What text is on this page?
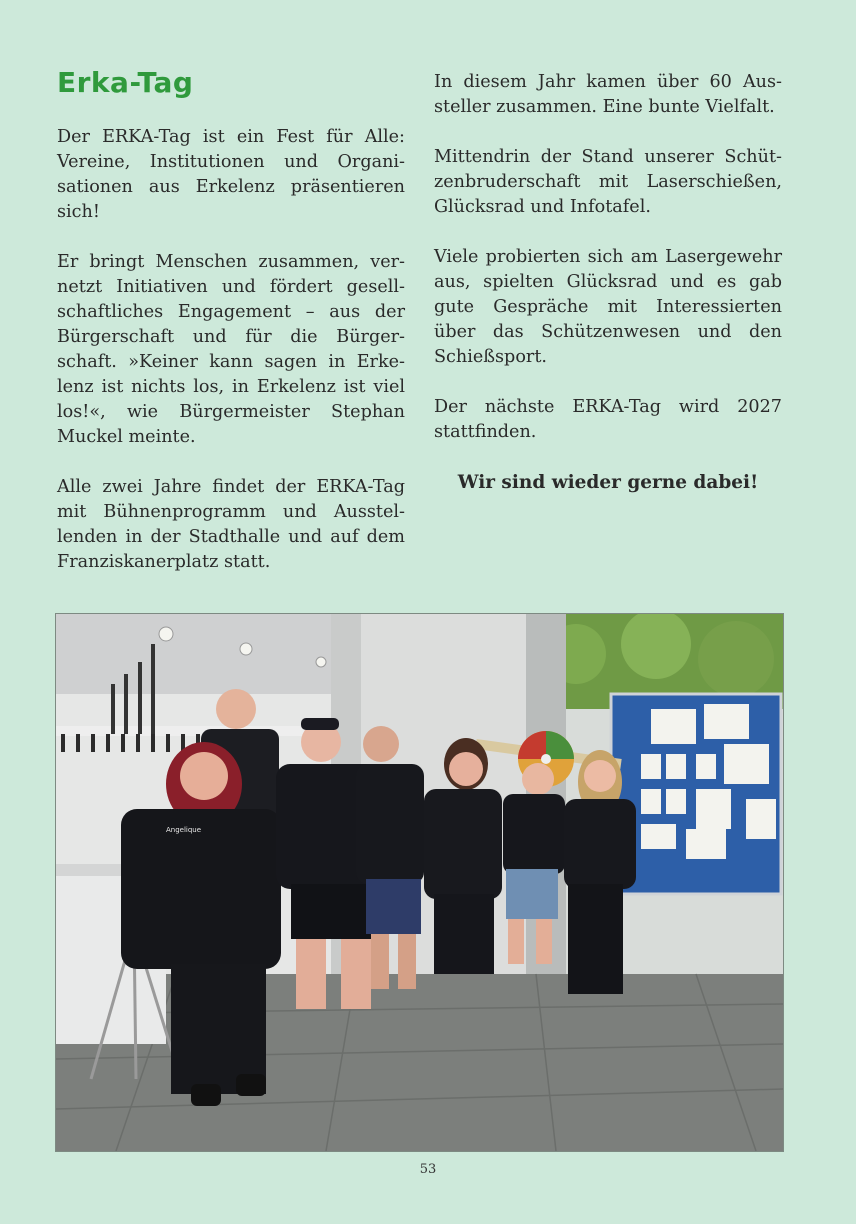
Erka-Tag

Der ERKA-Tag ist ein Fest für Alle: Vereine, Institutionen und Organisationen aus Erkelenz präsentieren sich!

Er bringt Menschen zusammen, vernetzt Initiativen und fördert gesellschaftliches Engagement – aus der Bürgerschaft und für die Bürgerschaft. »Keiner kann sagen in Erkelenz ist nichts los, in Erkelenz ist viel los!«, wie Bürgermeister Stephan Muckel meinte.

Alle zwei Jahre findet der ERKA-Tag mit Bühnenprogramm und Ausstellenden in der Stadthalle und auf dem Franziskanerplatz statt.

In diesem Jahr kamen über 60 Aussteller zusammen. Eine bunte Vielfalt.

Mittendrin der Stand unserer Schützenbruderschaft mit Laserschießen, Glücksrad und Infotafel.

Viele probierten sich am Lasergewehr aus, spielten Glücksrad und es gab gute Gespräche mit Interessierten über das Schützenwesen und den Schießsport.

Der nächste ERKA-Tag wird 2027 stattfinden.

Wir sind wieder gerne dabei!

Angelique
53
